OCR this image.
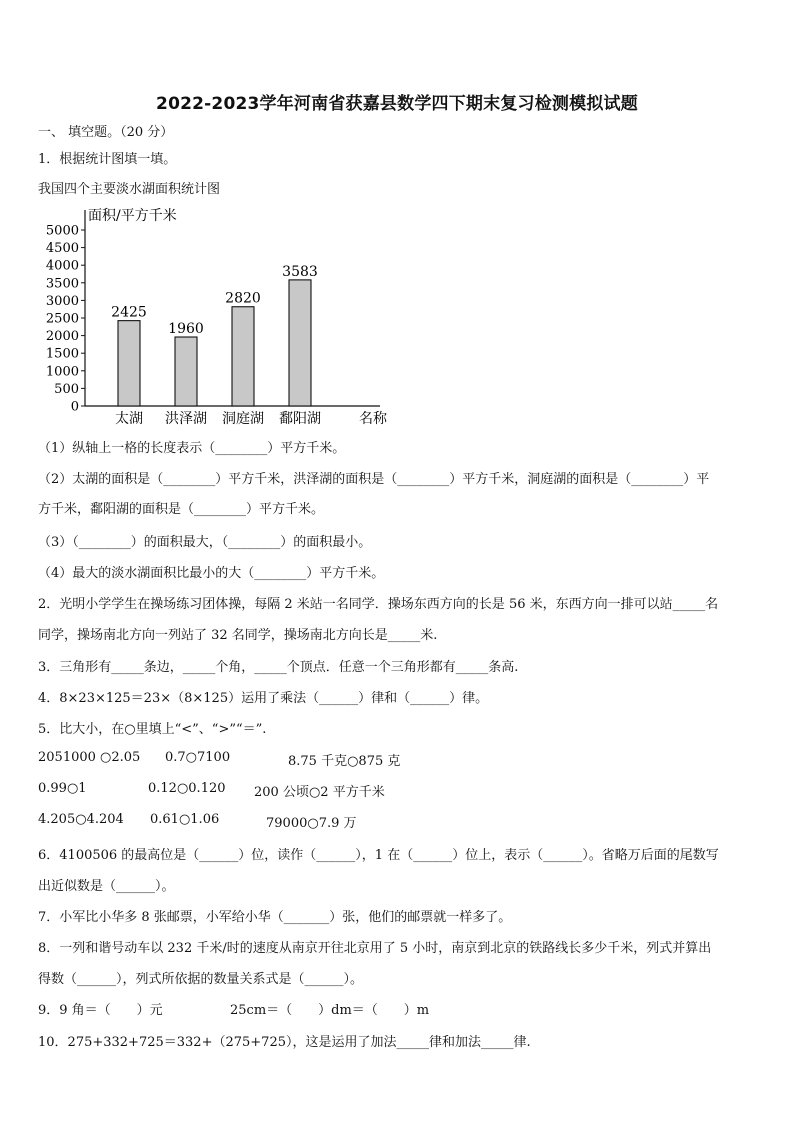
2022-2023学年河南省获嘉县数学四下期末复习检测模拟试题
一、 填空题。（20 分）
1．根据统计图填一填。
我国四个主要淡水湖面积统计图
0
500
1000
1500
2000
2500
3000
3500
4000
4500
5000
面积/平方千米
2425
太湖
1960
洪泽湖
2820
洞庭湖
3583
鄱阳湖	名称
（1）纵轴上一格的长度表示（________）平方千米。
（2）太湖的面积是（________）平方千米，洪泽湖的面积是（________）平方千米，洞庭湖的面积是（________）平
方千米，鄱阳湖的面积是（________）平方千米。
（3）（________）的面积最大，（________）的面积最小。
（4）最大的淡水湖面积比最小的大（________）平方千米。
2．光明小学学生在操场练习团体操，每隔 2 米站一名同学．操场东西方向的长是 56 米，东西方向一排可以站_____名
同学，操场南北方向一列站了 32 名同学，操场南北方向长是_____米.
3．三角形有_____条边，_____个角，_____个顶点．任意一个三角形都有_____条高.
4．8×23×125＝23×（8×125）运用了乘法（______）律和（______）律。
5．比大小，在○里填上“<”、“>”“＝”.
2051000 ○2.05 0.7○7100	8.75 千克○875 克
0.99○1	0.12○0.120 200 公顷○2 平方千米
4.205○4.204 0.61○1.06	79000○7.9 万
6．4100506 的最高位是（______）位，读作（______），1 在（______）位上，表示（______）。省略万后面的尾数写
出近似数是（______）。
7．小军比小华多 8 张邮票，小军给小华（_______）张，他们的邮票就一样多了。
8．一列和谐号动车以 232 千米/时的速度从南京开往北京用了 5 小时，南京到北京的铁路线长多少千米，列式并算出
得数（______），列式所依据的数量关系式是（______）。
9．9 角＝（　　）元	25cm＝（　　）dm＝（　　）m
10．275+332+725＝332+（275+725），这是运用了加法_____律和加法_____律.
